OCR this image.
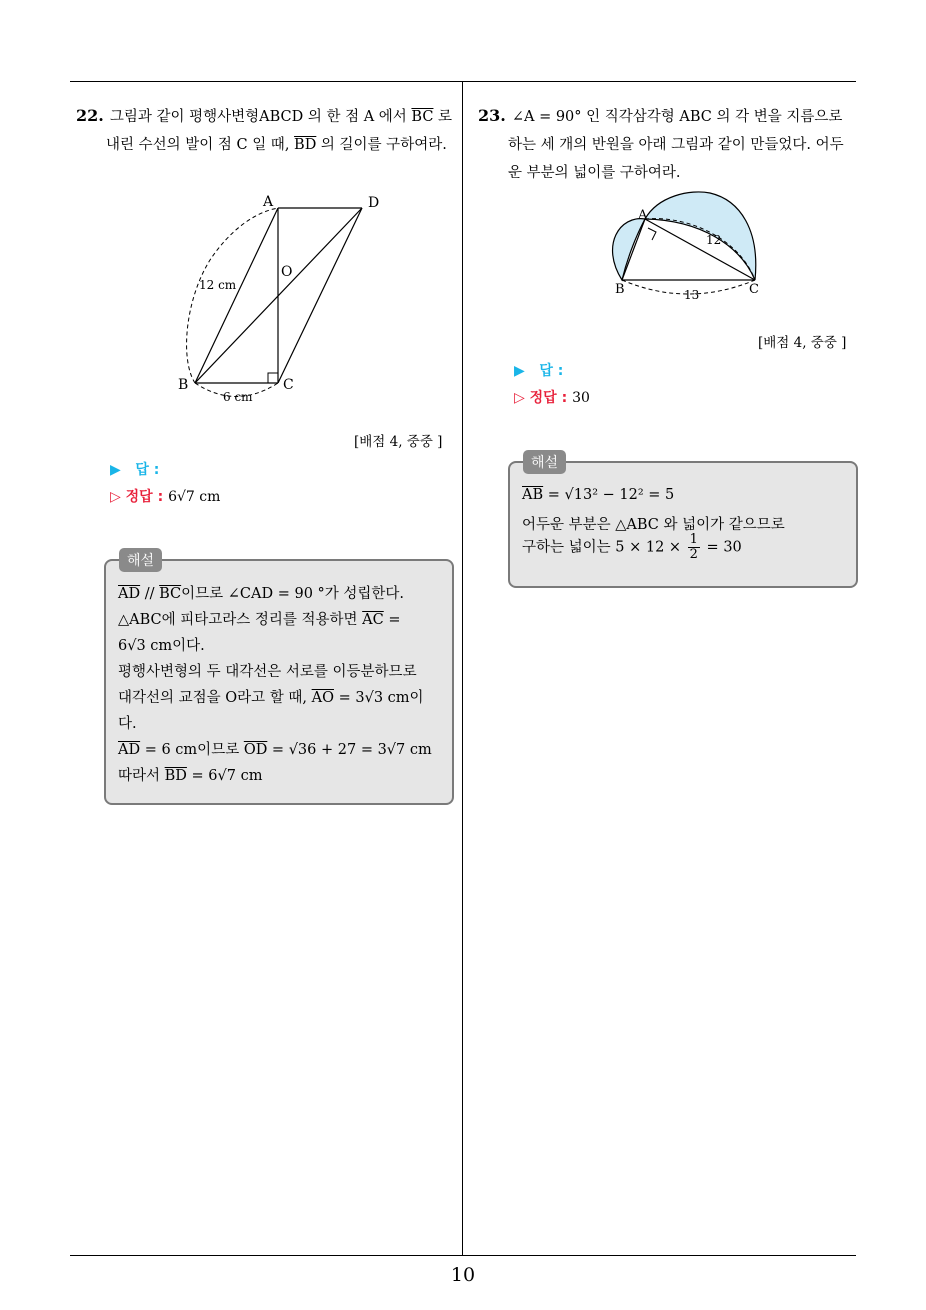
22. 그림과 같이 평행사변형ABCD 의 한 점 A 에서 $\overline{BC}$ 로
내린 수선의 발이 점 C 일 때, $\overline{BD}$ 의 길이를 구하여라.
A	D
O
B	C
12 cm
6 cm
[배점 4, 중중 ]
▶ 답 :
▷ 정답 : 6√7 cm
해설
$\overline{AD} // \overline{BC}$이므로 ∠CAD = 90 °가 성립한다.
△ABC에 피타고라스 정리를 적용하면 $\overline{AC}$ =
6√3 cm이다.
평행사변형의 두 대각선은 서로를 이등분하므로
대각선의 교점을 O라고 할 때, $\overline{AO} = 3√3$ cm이
다.
$\overline{AD} = 6$ cm이므로 $\overline{OD} = √36 + 27 = 3√7$ cm
따라서 $\overline{BD} = 6√7$ cm
23. ∠A = 90° 인 직각삼각형 ABC 의 각 변을 지름으로
하는 세 개의 반원을 아래 그림과 같이 만들었다. 어두
운 부분의 넓이를 구하여라.
A
B	C
12
13
[배점 4, 중중 ]
▶ 답 :
▷ 정답 : 30
해설
$\overline{AB} = √13^2 - 12^2 = 5$
어두운 부분은 △ABC 와 넓이가 같으므로
구하는 넓이는 $5 \times 12 \times \frac{1}{2} = 30$
10
